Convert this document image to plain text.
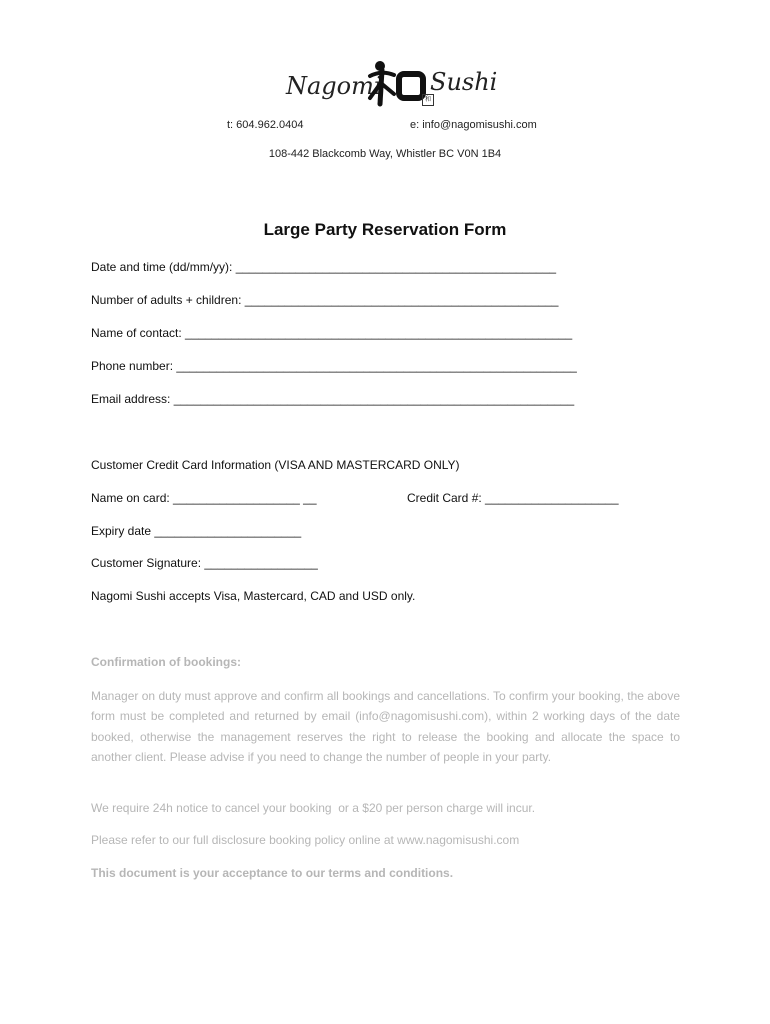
Nagomi Sushi
和
t: 604.962.0404	e: info@nagomisushi.com
108-442 Blackcomb Way, Whistler BC V0N 1B4
Large Party Reservation Form
Date and time (dd/mm/yy): ________________________________________________
Number of adults + children: _______________________________________________
Name of contact: __________________________________________________________
Phone number: ____________________________________________________________
Email address: ____________________________________________________________
Customer Credit Card Information (VISA AND MASTERCARD ONLY)
Name on card: ___________________ __	Credit Card #: ____________________
Expiry date ______________________
Customer Signature: _________________
Nagomi Sushi accepts Visa, Mastercard, CAD and USD only.
Confirmation of bookings:
Manager on duty must approve and confirm all bookings and cancellations. To confirm your booking, the above form must be completed and returned by email (info@nagomisushi.com), within 2 working days of the date booked, otherwise the management reserves the right to release the booking and allocate the space to another client. Please advise if you need to change the number of people in your party.
We require 24h notice to cancel your booking  or a $20 per person charge will incur.
Please refer to our full disclosure booking policy online at www.nagomisushi.com
This document is your acceptance to our terms and conditions.
